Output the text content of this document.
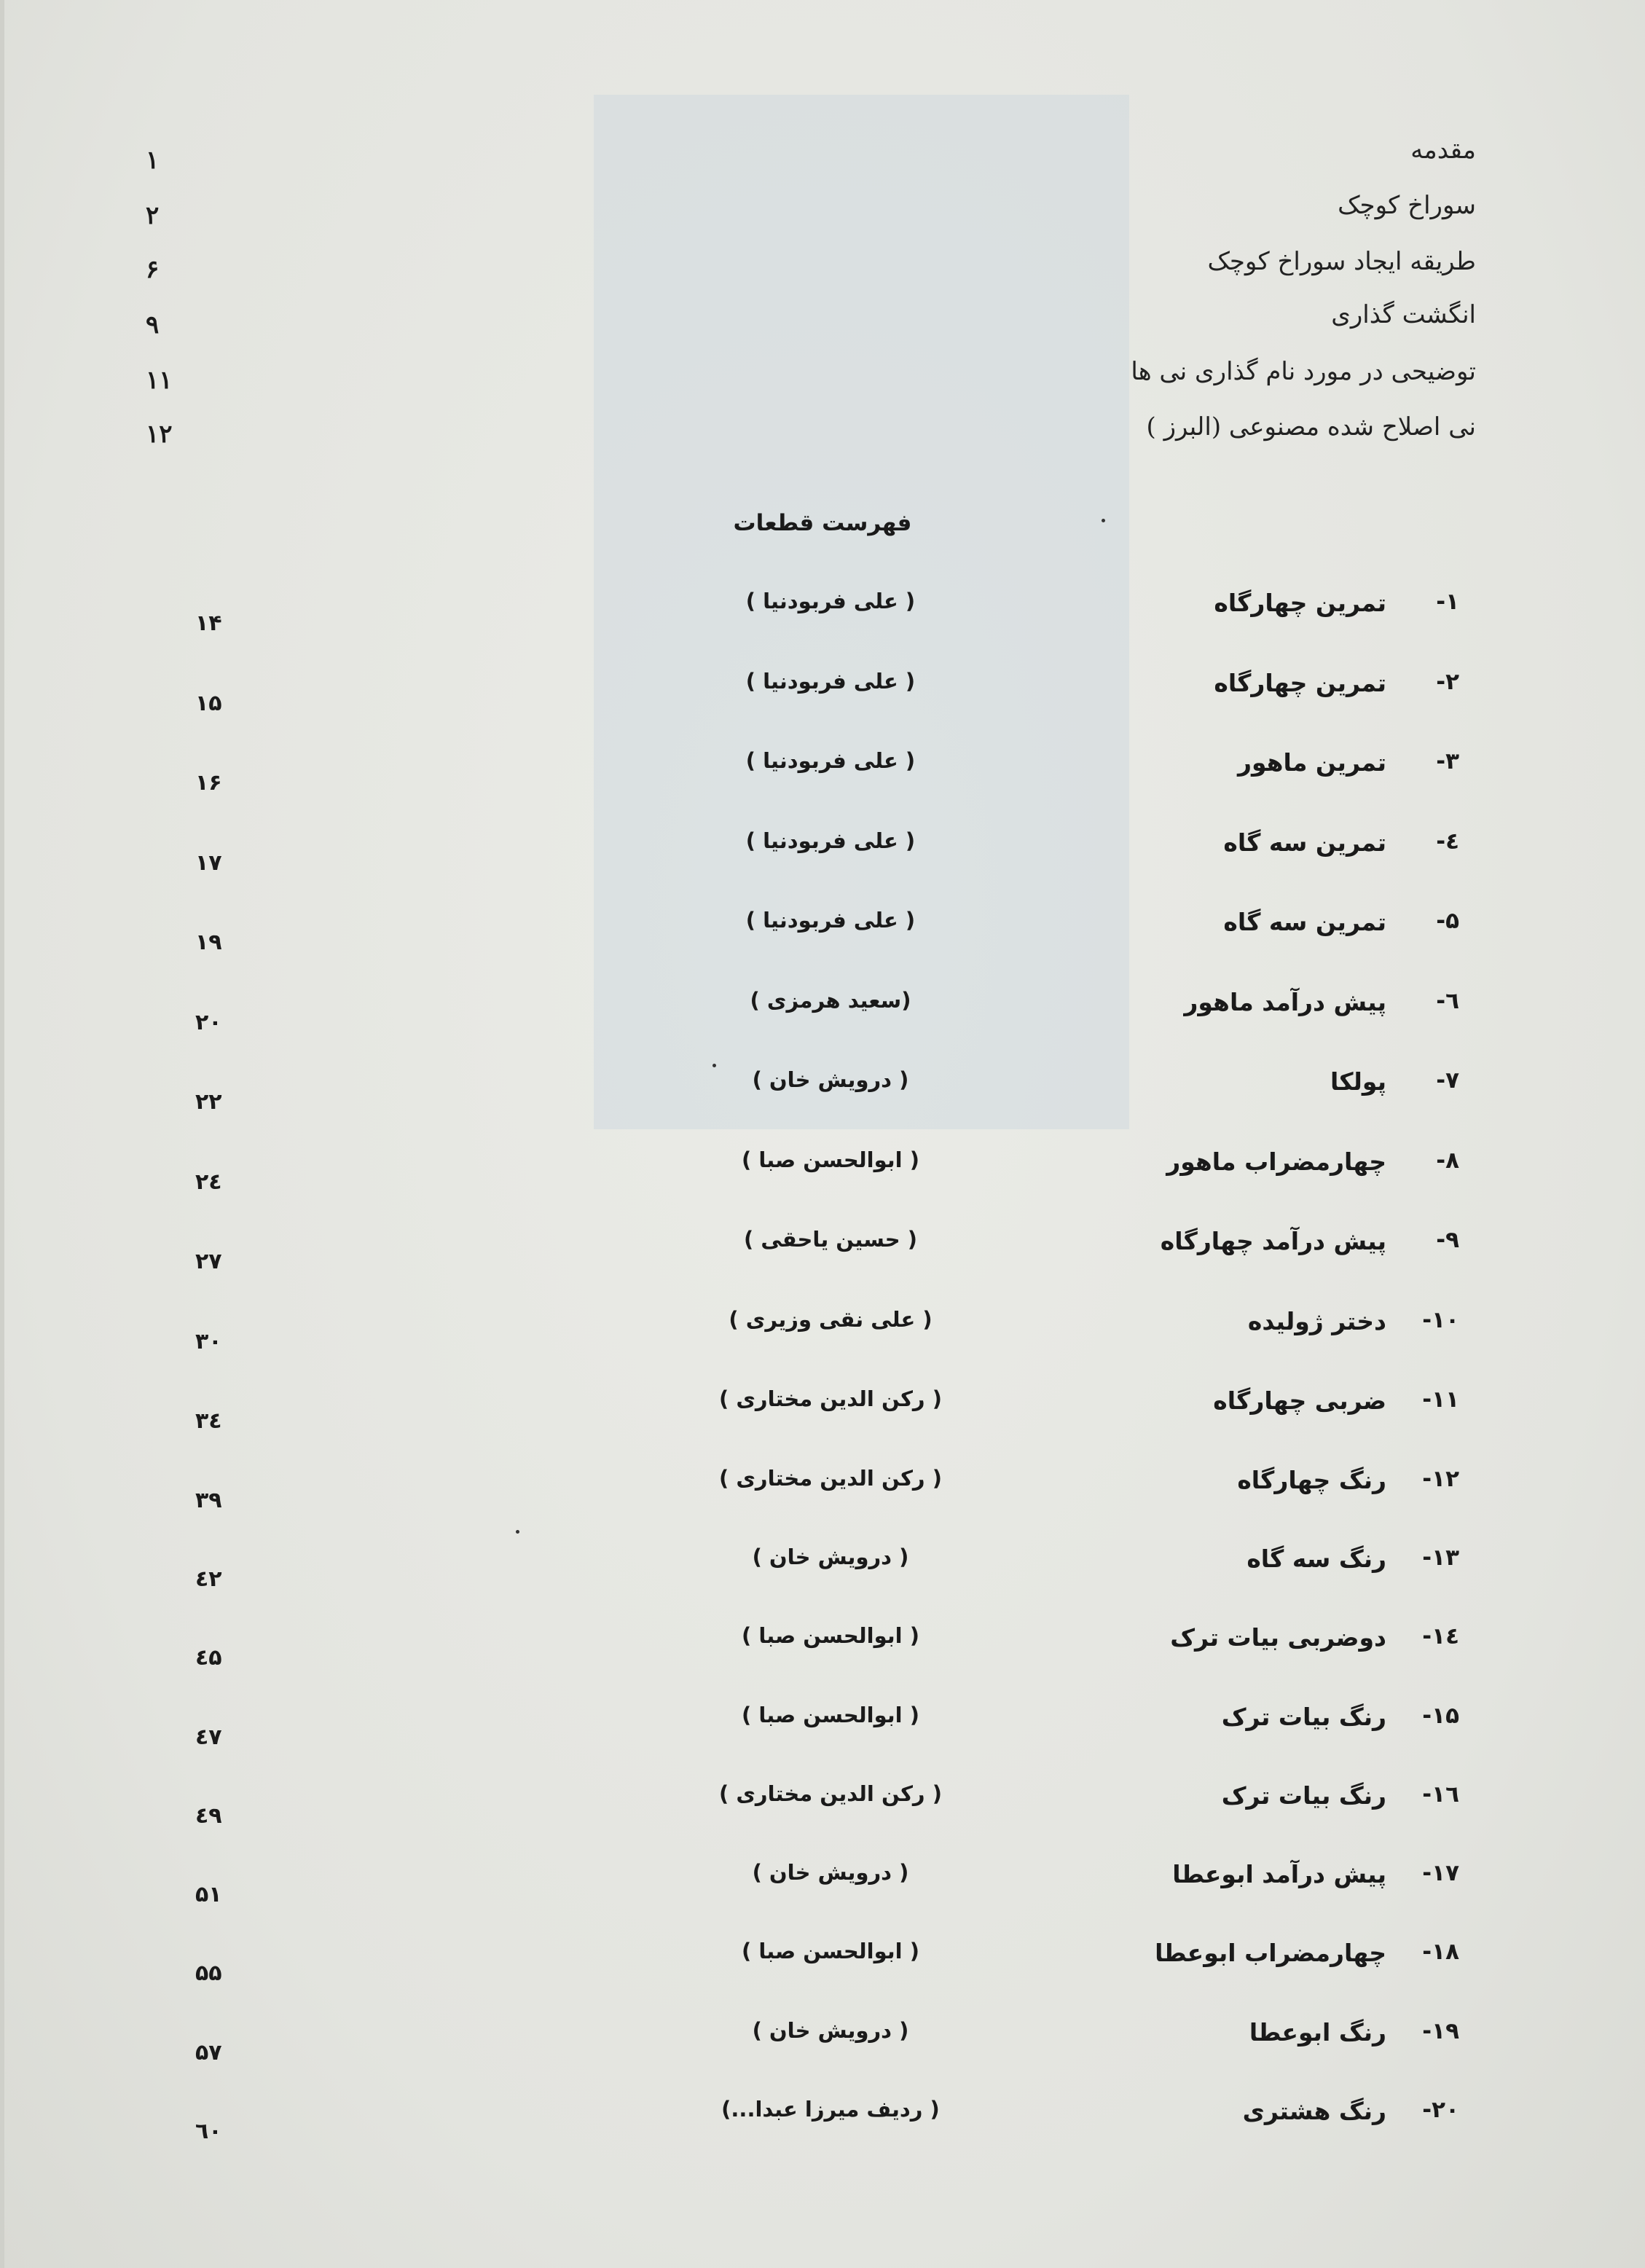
مقدمه
۱
سوراخ کوچک
۲
طریقه ایجاد سوراخ کوچک
۶
انگشت گذاری
۹
توضیحی در مورد نام گذاری نی ها
۱۱
نی اصلاح شده مصنوعی (البرز )
۱۲
فهرست قطعات
۱-
تمرین چهارگاه
( علی فربودنیا )
۱۴
۲-
تمرین چهارگاه
( علی فربودنیا )
۱۵
۳-
تمرین ماهور
( علی فربودنیا )
۱۶
٤-
تمرین سه گاه
( علی فربودنیا )
۱۷
۵-
تمرین سه گاه
( علی فربودنیا )
۱۹
٦-
پیش درآمد ماهور
(سعید هرمزی )
۲۰
۷-
پولکا
( درویش خان )
۲۲
۸-
چهارمضراب ماهور
( ابوالحسن صبا )
۲٤
۹-
پیش درآمد چهارگاه
( حسین یاحقی )
۲۷
۱۰-
دختر ژولیده
( علی نقی وزیری )
۳۰
۱۱-
ضربی چهارگاه
( رکن الدین مختاری )
۳٤
۱۲-
رنگ چهارگاه
( رکن الدین مختاری )
۳۹
۱۳-
رنگ سه گاه
( درویش خان )
٤۲
۱٤-
دوضربی بیات ترک
( ابوالحسن صبا )
٤۵
۱۵-
رنگ بیات ترک
( ابوالحسن صبا )
٤۷
۱٦-
رنگ بیات ترک
( رکن الدین مختاری )
٤۹
۱۷-
پیش درآمد ابوعطا
( درویش خان )
۵۱
۱۸-
چهارمضراب ابوعطا
( ابوالحسن صبا )
۵۵
۱۹-
رنگ ابوعطا
( درویش خان )
۵۷
۲۰-
رنگ هشتری
( ردیف میرزا عبدا...)
٦۰
